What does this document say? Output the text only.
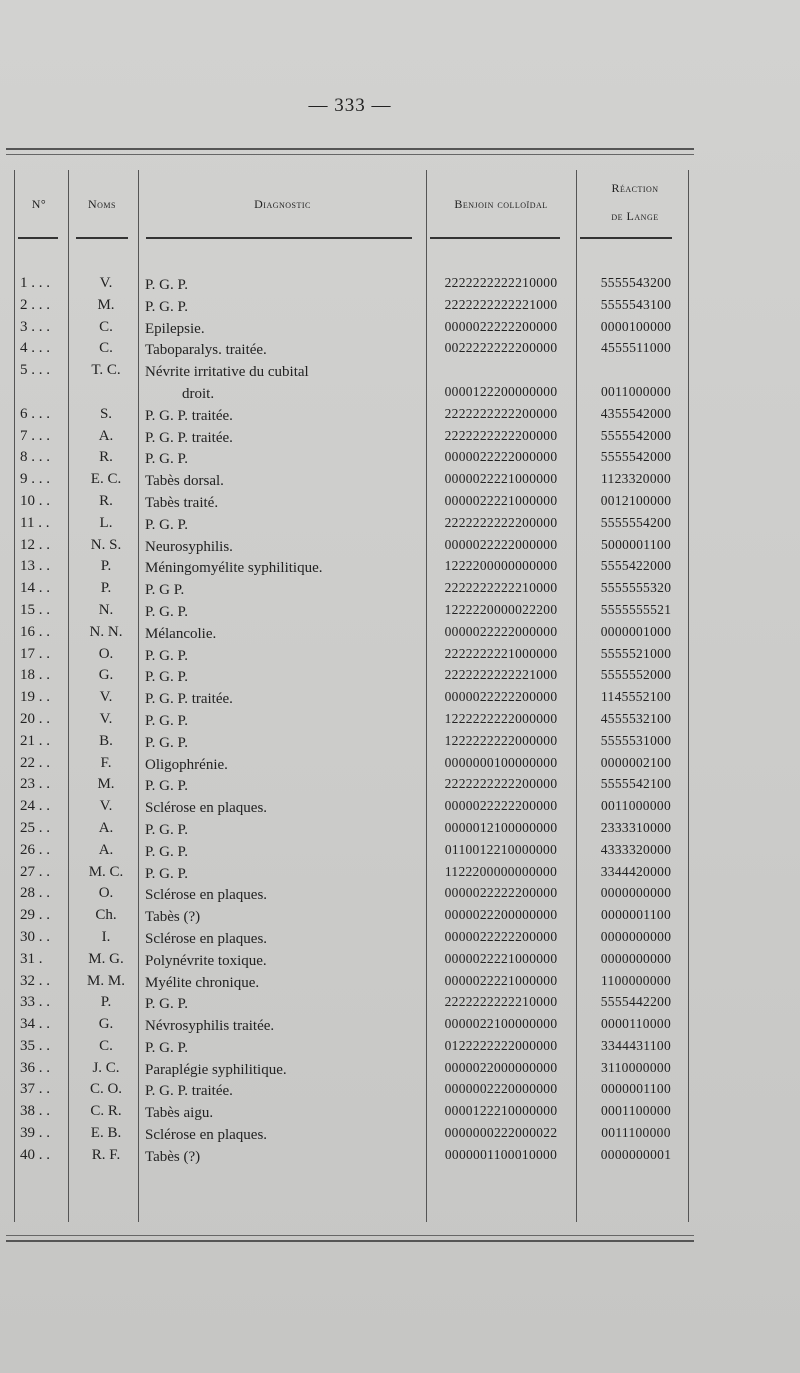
— 333 —
N°	Noms	Diagnostic	Benjoin colloïdal
Réaction
de Lange
1 . . .	V.	P. G. P.	2222222222210000	5555543200
2 . . .	M.	P. G. P.	2222222222221000	5555543100
3 . . .	C.	Epilepsie.	0000022222200000	0000100000
4 . . .	C.	Taboparalys. traitée.	0022222222200000	4555511000
5 . . .	T. C.	Névrite irritative du cubital
droit.	0000122200000000	0011000000
6 . . .	S.	P. G. P. traitée.	2222222222200000	4355542000
7 . . .	A.	P. G. P. traitée.	2222222222200000	5555542000
8 . . .	R.	P. G. P.	0000022222000000	5555542000
9 . . .	E. C.	Tabès dorsal.	0000022221000000	1123320000
10 . .	R.	Tabès traité.	0000022221000000	0012100000
11 . .	L.	P. G. P.	2222222222200000	5555554200
12 . .	N. S.	Neurosyphilis.	0000022222000000	5000001100
13 . .	P.	Méningomyélite syphilitique.	1222200000000000	5555422000
14 . .	P.	P. G P.	2222222222210000	5555555320
15 . .	N.	P. G. P.	1222220000022200	5555555521
16 . .	N. N.	Mélancolie.	0000022222000000	0000001000
17 . .	O.	P. G. P.	2222222221000000	5555521000
18 . .	G.	P. G. P.	2222222222221000	5555552000
19 . .	V.	P. G. P. traitée.	0000022222200000	1145552100
20 . .	V.	P. G. P.	1222222222000000	4555532100
21 . .	B.	P. G. P.	1222222222000000	5555531000
22 . .	F.	Oligophrénie.	0000000100000000	0000002100
23 . .	M.	P. G. P.	2222222222200000	5555542100
24 . .	V.	Sclérose en plaques.	0000022222200000	0011000000
25 . .	A.	P. G. P.	0000012100000000	2333310000
26 . .	A.	P. G. P.	0110012210000000	4333320000
27 . .	M. C.	P. G. P.	1122200000000000	3344420000
28 . .	O.	Sclérose en plaques.	0000022222200000	0000000000
29 . .	Ch.	Tabès (?)	0000022200000000	0000001100
30 . .	I.	Sclérose en plaques.	0000022222200000	0000000000
31 .	M. G.	Polynévrite toxique.	0000022221000000	0000000000
32 . .	M. M.	Myélite chronique.	0000022221000000	1100000000
33 . .	P.	P. G. P.	2222222222210000	5555442200
34 . .	G.	Névrosyphilis traitée.	0000022100000000	0000110000
35 . .	C.	P. G. P.	0122222222000000	3344431100
36 . .	J. C.	Paraplégie syphilitique.	0000022000000000	3110000000
37 . .	C. O.	P. G. P. traitée.	0000002220000000	0000001100
38 . .	C. R.	Tabès aigu.	0000122210000000	0001100000
39 . .	E. B.	Sclérose en plaques.	0000000222000022	0011100000
40 . .	R. F.	Tabès (?)	0000001100010000	0000000001
